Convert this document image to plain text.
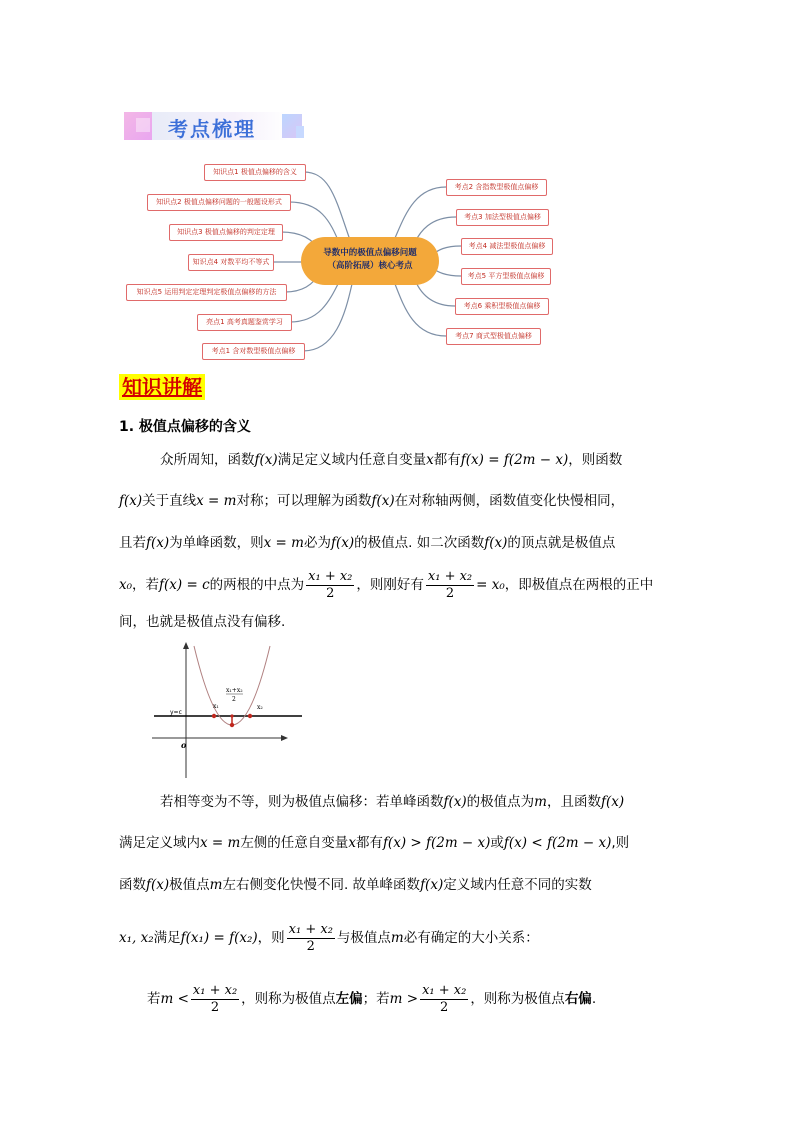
考点梳理
导数中的极值点偏移问题
（高阶拓展）核心考点
知识点1 极值点偏移的含义
知识点2 极值点偏移问题的一般题设形式
知识点3 极值点偏移的判定定理
知识点4 对数平均不等式
知识点5 运用判定定理判定极值点偏移的方法
亮点1 高考真题鉴赏学习
考点1 含对数型极值点偏移
考点2 含指数型极值点偏移
考点3 加法型极值点偏移
考点4 减法型极值点偏移
考点5 平方型极值点偏移
考点6 乘积型极值点偏移
考点7 商式型极值点偏移
知识讲解
1. 极值点偏移的含义
众所周知，函数f(x)满足定义域内任意自变量x都有f(x) = f(2m − x)，则函数
f(x)关于直线x = m对称；可以理解为函数f(x)在对称轴两侧，函数值变化快慢相同，
且若f(x)为单峰函数，则x = m必为f(x)的极值点. 如二次函数f(x)的顶点就是极值点
x₀，若f(x) = c的两根的中点为 $\frac{\text{x₁ + x₂}}{2}$ ，则刚好有 $\frac{\text{x₁ + x₂}}{2} = x_0$，即极值点在两根的正中
间，也就是极值点没有偏移.
y=c
o
x₁	x₂
x₁+x₂
2
若相等变为不等，则为极值点偏移：若单峰函数f(x)的极值点为m，且函数f(x)
满足定义域内x = m左侧的任意自变量x都有f(x) > f(2m − x)或f(x) < f(2m − x),则
函数f(x)极值点m左右侧变化快慢不同. 故单峰函数f(x)定义域内任意不同的实数
x₁, x₂满足f(x₁) = f(x₂)，则 $\frac{\text{x₁ + x₂}}{2}$ 与极值点m必有确定的大小关系：
若$m < \frac{\text{x₁ + x₂}}{2}$ ，则称为极值点左偏；若$m > \frac{\text{x₁ + x₂}}{2}$ ，则称为极值点右偏.
